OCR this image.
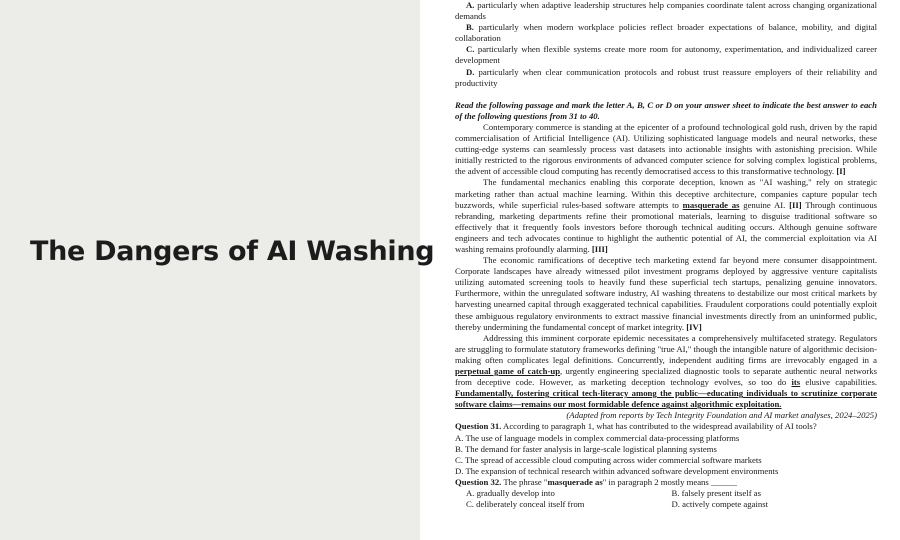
The Dangers of AI Washing

A. particularly when adaptive leadership structures help companies coordinate talent across changing organizational demands

B. particularly when modern workplace policies reflect broader expectations of balance, mobility, and digital collaboration

C. particularly when flexible systems create more room for autonomy, experimentation, and individualized career development

D. particularly when clear communication protocols and robust trust reassure employers of their reliability and productivity

Read the following passage and mark the letter A, B, C or D on your answer sheet to indicate the best answer to each of the following questions from 31 to 40.

Contemporary commerce is standing at the epicenter of a profound technological gold rush, driven by the rapid commercialisation of Artificial Intelligence (AI). Utilizing sophisticated language models and neural networks, these cutting-edge systems can seamlessly process vast datasets into actionable insights with astonishing precision. While initially restricted to the rigorous environments of advanced computer science for solving complex logistical problems, the advent of accessible cloud computing has recently democratised access to this transformative technology. [I]

The fundamental mechanics enabling this corporate deception, known as "AI washing," rely on strategic marketing rather than actual machine learning. Within this deceptive architecture, companies capture popular tech buzzwords, while superficial rules-based software attempts to masquerade as genuine AI. [II] Through continuous rebranding, marketing departments refine their promotional materials, learning to disguise traditional software so effectively that it frequently fools investors before thorough technical auditing occurs. Although genuine software engineers and tech advocates continue to highlight the authentic potential of AI, the commercial exploitation via AI washing remains profoundly alarming. [III]

The economic ramifications of deceptive tech marketing extend far beyond mere consumer disappointment. Corporate landscapes have already witnessed pilot investment programs deployed by aggressive venture capitalists utilizing automated screening tools to heavily fund these superficial tech startups, penalizing genuine innovators. Furthermore, within the unregulated software industry, AI washing threatens to destabilize our most critical markets by harvesting unearned capital through exaggerated technical capabilities. Fraudulent corporations could potentially exploit these ambiguous regulatory environments to extract massive financial investments directly from an uninformed public, thereby undermining the fundamental concept of market integrity. [IV]

Addressing this imminent corporate epidemic necessitates a comprehensively multifaceted strategy. Regulators are struggling to formulate statutory frameworks defining "true AI," though the intangible nature of algorithmic decision-making often complicates legal definitions. Concurrently, independent auditing firms are irrevocably engaged in a perpetual game of catch-up, urgently engineering specialized diagnostic tools to separate authentic neural networks from deceptive code. However, as marketing deception technology evolves, so too do its elusive capabilities. Fundamentally, fostering critical tech-literacy among the public—educating individuals to scrutinize corporate software claims—remains our most formidable defence against algorithmic exploitation.

(Adapted from reports by Tech Integrity Foundation and AI market analyses, 2024–2025)

Question 31. According to paragraph 1, what has contributed to the widespread availability of AI tools?

A. The use of language models in complex commercial data-processing platforms

B. The demand for faster analysis in large-scale logistical planning systems

C. The spread of accessible cloud computing across wider commercial software markets

D. The expansion of technical research within advanced software development environments

Question 32. The phrase "masquerade as" in paragraph 2 mostly means ______

A. gradually develop into	B. falsely present itself as
C. deliberately conceal itself from	D. actively compete against
